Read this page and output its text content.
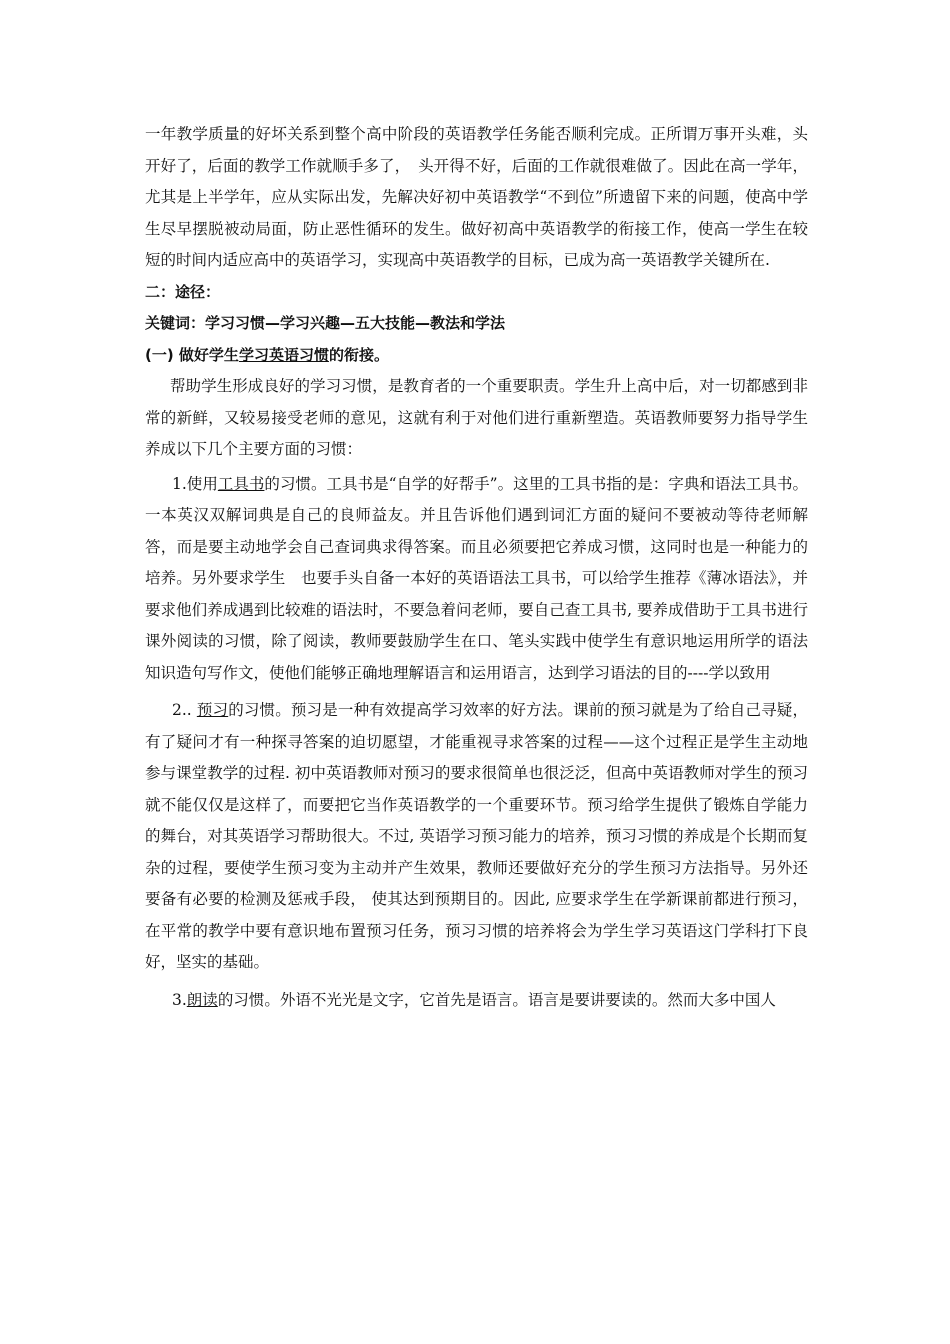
一年教学质量的好坏关系到整个高中阶段的英语教学任务能否顺利完成。正所谓万事开头难，头开好了，后面的教学工作就顺手多了，　头开得不好，后面的工作就很难做了。因此在高一学年，尤其是上半学年，应从实际出发，先解决好初中英语教学“不到位”所遗留下来的问题，使高中学生尽早摆脱被动局面，防止恶性循环的发生。做好初高中英语教学的衔接工作，使高一学生在较短的时间内适应高中的英语学习，实现高中英语教学的目标，已成为高一英语教学关键所在.

二：途径：

关键词：学习习惯—学习兴趣—五大技能—教法和学法

(一) 做好学生学习英语习惯的衔接。

帮助学生形成良好的学习习惯，是教育者的一个重要职责。学生升上高中后，对一切都感到非常的新鲜，又较易接受老师的意见，这就有利于对他们进行重新塑造。英语教师要努力指导学生养成以下几个主要方面的习惯：

1.使用工具书的习惯。工具书是“自学的好帮手”。这里的工具书指的是：字典和语法工具书。一本英汉双解词典是自己的良师益友。并且告诉他们遇到词汇方面的疑问不要被动等待老师解答，而是要主动地学会自己查词典求得答案。而且必须要把它养成习惯，这同时也是一种能力的培养。另外要求学生　也要手头自备一本好的英语语法工具书，可以给学生推荐《薄冰语法》，并要求他们养成遇到比较难的语法时，不要急着问老师，要自己查工具书, 要养成借助于工具书进行课外阅读的习惯，除了阅读，教师要鼓励学生在口、笔头实践中使学生有意识地运用所学的语法知识造句写作文，使他们能够正确地理解语言和运用语言，达到学习语法的目的----学以致用

2.. 预习的习惯。预习是一种有效提高学习效率的好方法。课前的预习就是为了给自己寻疑，有了疑问才有一种探寻答案的迫切愿望，才能重视寻求答案的过程——这个过程正是学生主动地参与课堂教学的过程. 初中英语教师对预习的要求很简单也很泛泛，但高中英语教师对学生的预习就不能仅仅是这样了，而要把它当作英语教学的一个重要环节。预习给学生提供了锻炼自学能力的舞台，对其英语学习帮助很大。不过, 英语学习预习能力的培养，预习习惯的养成是个长期而复杂的过程，要使学生预习变为主动并产生效果，教师还要做好充分的学生预习方法指导。另外还要备有必要的检测及惩戒手段， 使其达到预期目的。因此, 应要求学生在学新课前都进行预习，在平常的教学中要有意识地布置预习任务，预习习惯的培养将会为学生学习英语这门学科打下良好，坚实的基础。

3.朗读的习惯。外语不光光是文字，它首先是语言。语言是要讲要读的。然而大多中国人
